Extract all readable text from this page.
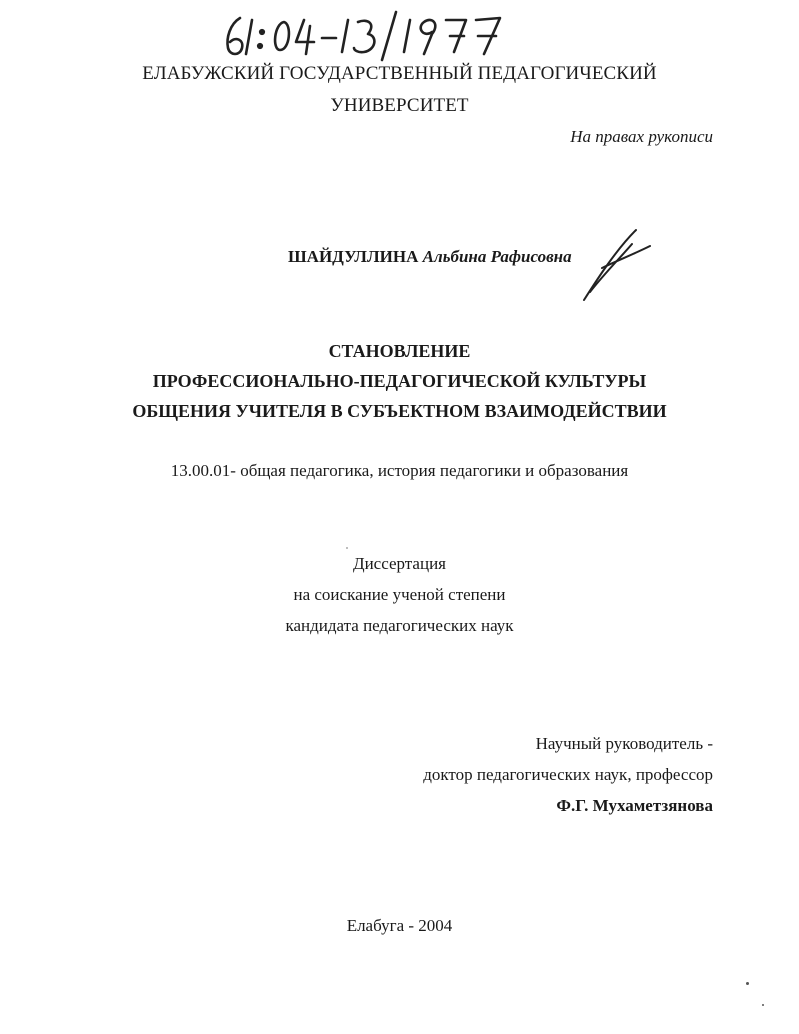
ЕЛАБУЖСКИЙ ГОСУДАРСТВЕННЫЙ ПЕДАГОГИЧЕСКИЙ
УНИВЕРСИТЕТ
На правах рукописи
ШАЙДУЛЛИНА Альбина Рафисовна
СТАНОВЛЕНИЕ
ПРОФЕССИОНАЛЬНО-ПЕДАГОГИЧЕСКОЙ КУЛЬТУРЫ
ОБЩЕНИЯ УЧИТЕЛЯ В СУБЪЕКТНОМ ВЗАИМОДЕЙСТВИИ
13.00.01- общая педагогика, история педагогики и образования
Диссертация
на соискание ученой степени
кандидата педагогических наук
Научный руководитель -
доктор педагогических наук, профессор
Ф.Г. Мухаметзянова
Елабуга - 2004
